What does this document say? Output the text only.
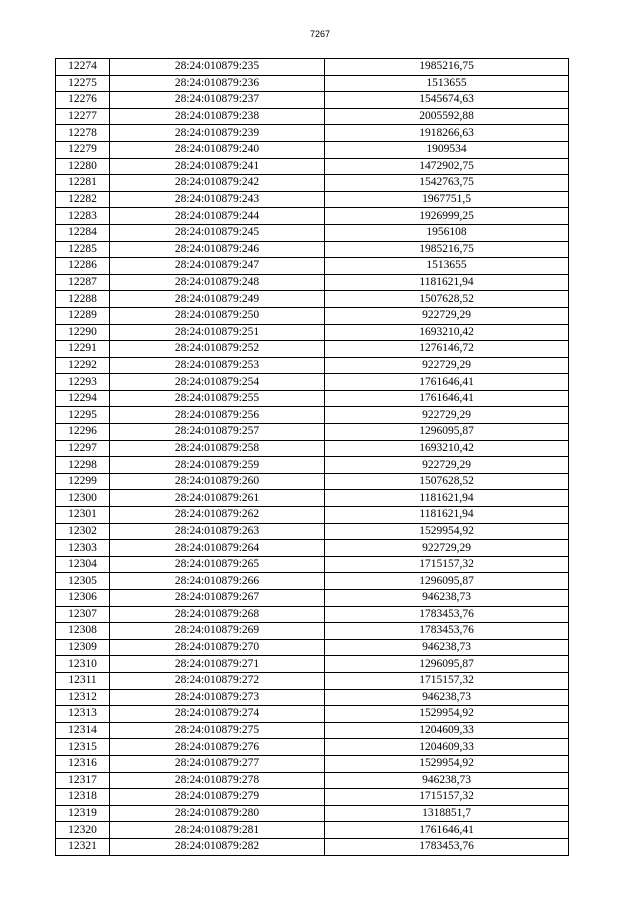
7267
12274	28:24:010879:235	1985216,75
12275	28:24:010879:236	1513655
12276	28:24:010879:237	1545674,63
12277	28:24:010879:238	2005592,88
12278	28:24:010879:239	1918266,63
12279	28:24:010879:240	1909534
12280	28:24:010879:241	1472902,75
12281	28:24:010879:242	1542763,75
12282	28:24:010879:243	1967751,5
12283	28:24:010879:244	1926999,25
12284	28:24:010879:245	1956108
12285	28:24:010879:246	1985216,75
12286	28:24:010879:247	1513655
12287	28:24:010879:248	1181621,94
12288	28:24:010879:249	1507628,52
12289	28:24:010879:250	922729,29
12290	28:24:010879:251	1693210,42
12291	28:24:010879:252	1276146,72
12292	28:24:010879:253	922729,29
12293	28:24:010879:254	1761646,41
12294	28:24:010879:255	1761646,41
12295	28:24:010879:256	922729,29
12296	28:24:010879:257	1296095,87
12297	28:24:010879:258	1693210,42
12298	28:24:010879:259	922729,29
12299	28:24:010879:260	1507628,52
12300	28:24:010879:261	1181621,94
12301	28:24:010879:262	1181621,94
12302	28:24:010879:263	1529954,92
12303	28:24:010879:264	922729,29
12304	28:24:010879:265	1715157,32
12305	28:24:010879:266	1296095,87
12306	28:24:010879:267	946238,73
12307	28:24:010879:268	1783453,76
12308	28:24:010879:269	1783453,76
12309	28:24:010879:270	946238,73
12310	28:24:010879:271	1296095,87
12311	28:24:010879:272	1715157,32
12312	28:24:010879:273	946238,73
12313	28:24:010879:274	1529954,92
12314	28:24:010879:275	1204609,33
12315	28:24:010879:276	1204609,33
12316	28:24:010879:277	1529954,92
12317	28:24:010879:278	946238,73
12318	28:24:010879:279	1715157,32
12319	28:24:010879:280	1318851,7
12320	28:24:010879:281	1761646,41
12321	28:24:010879:282	1783453,76
